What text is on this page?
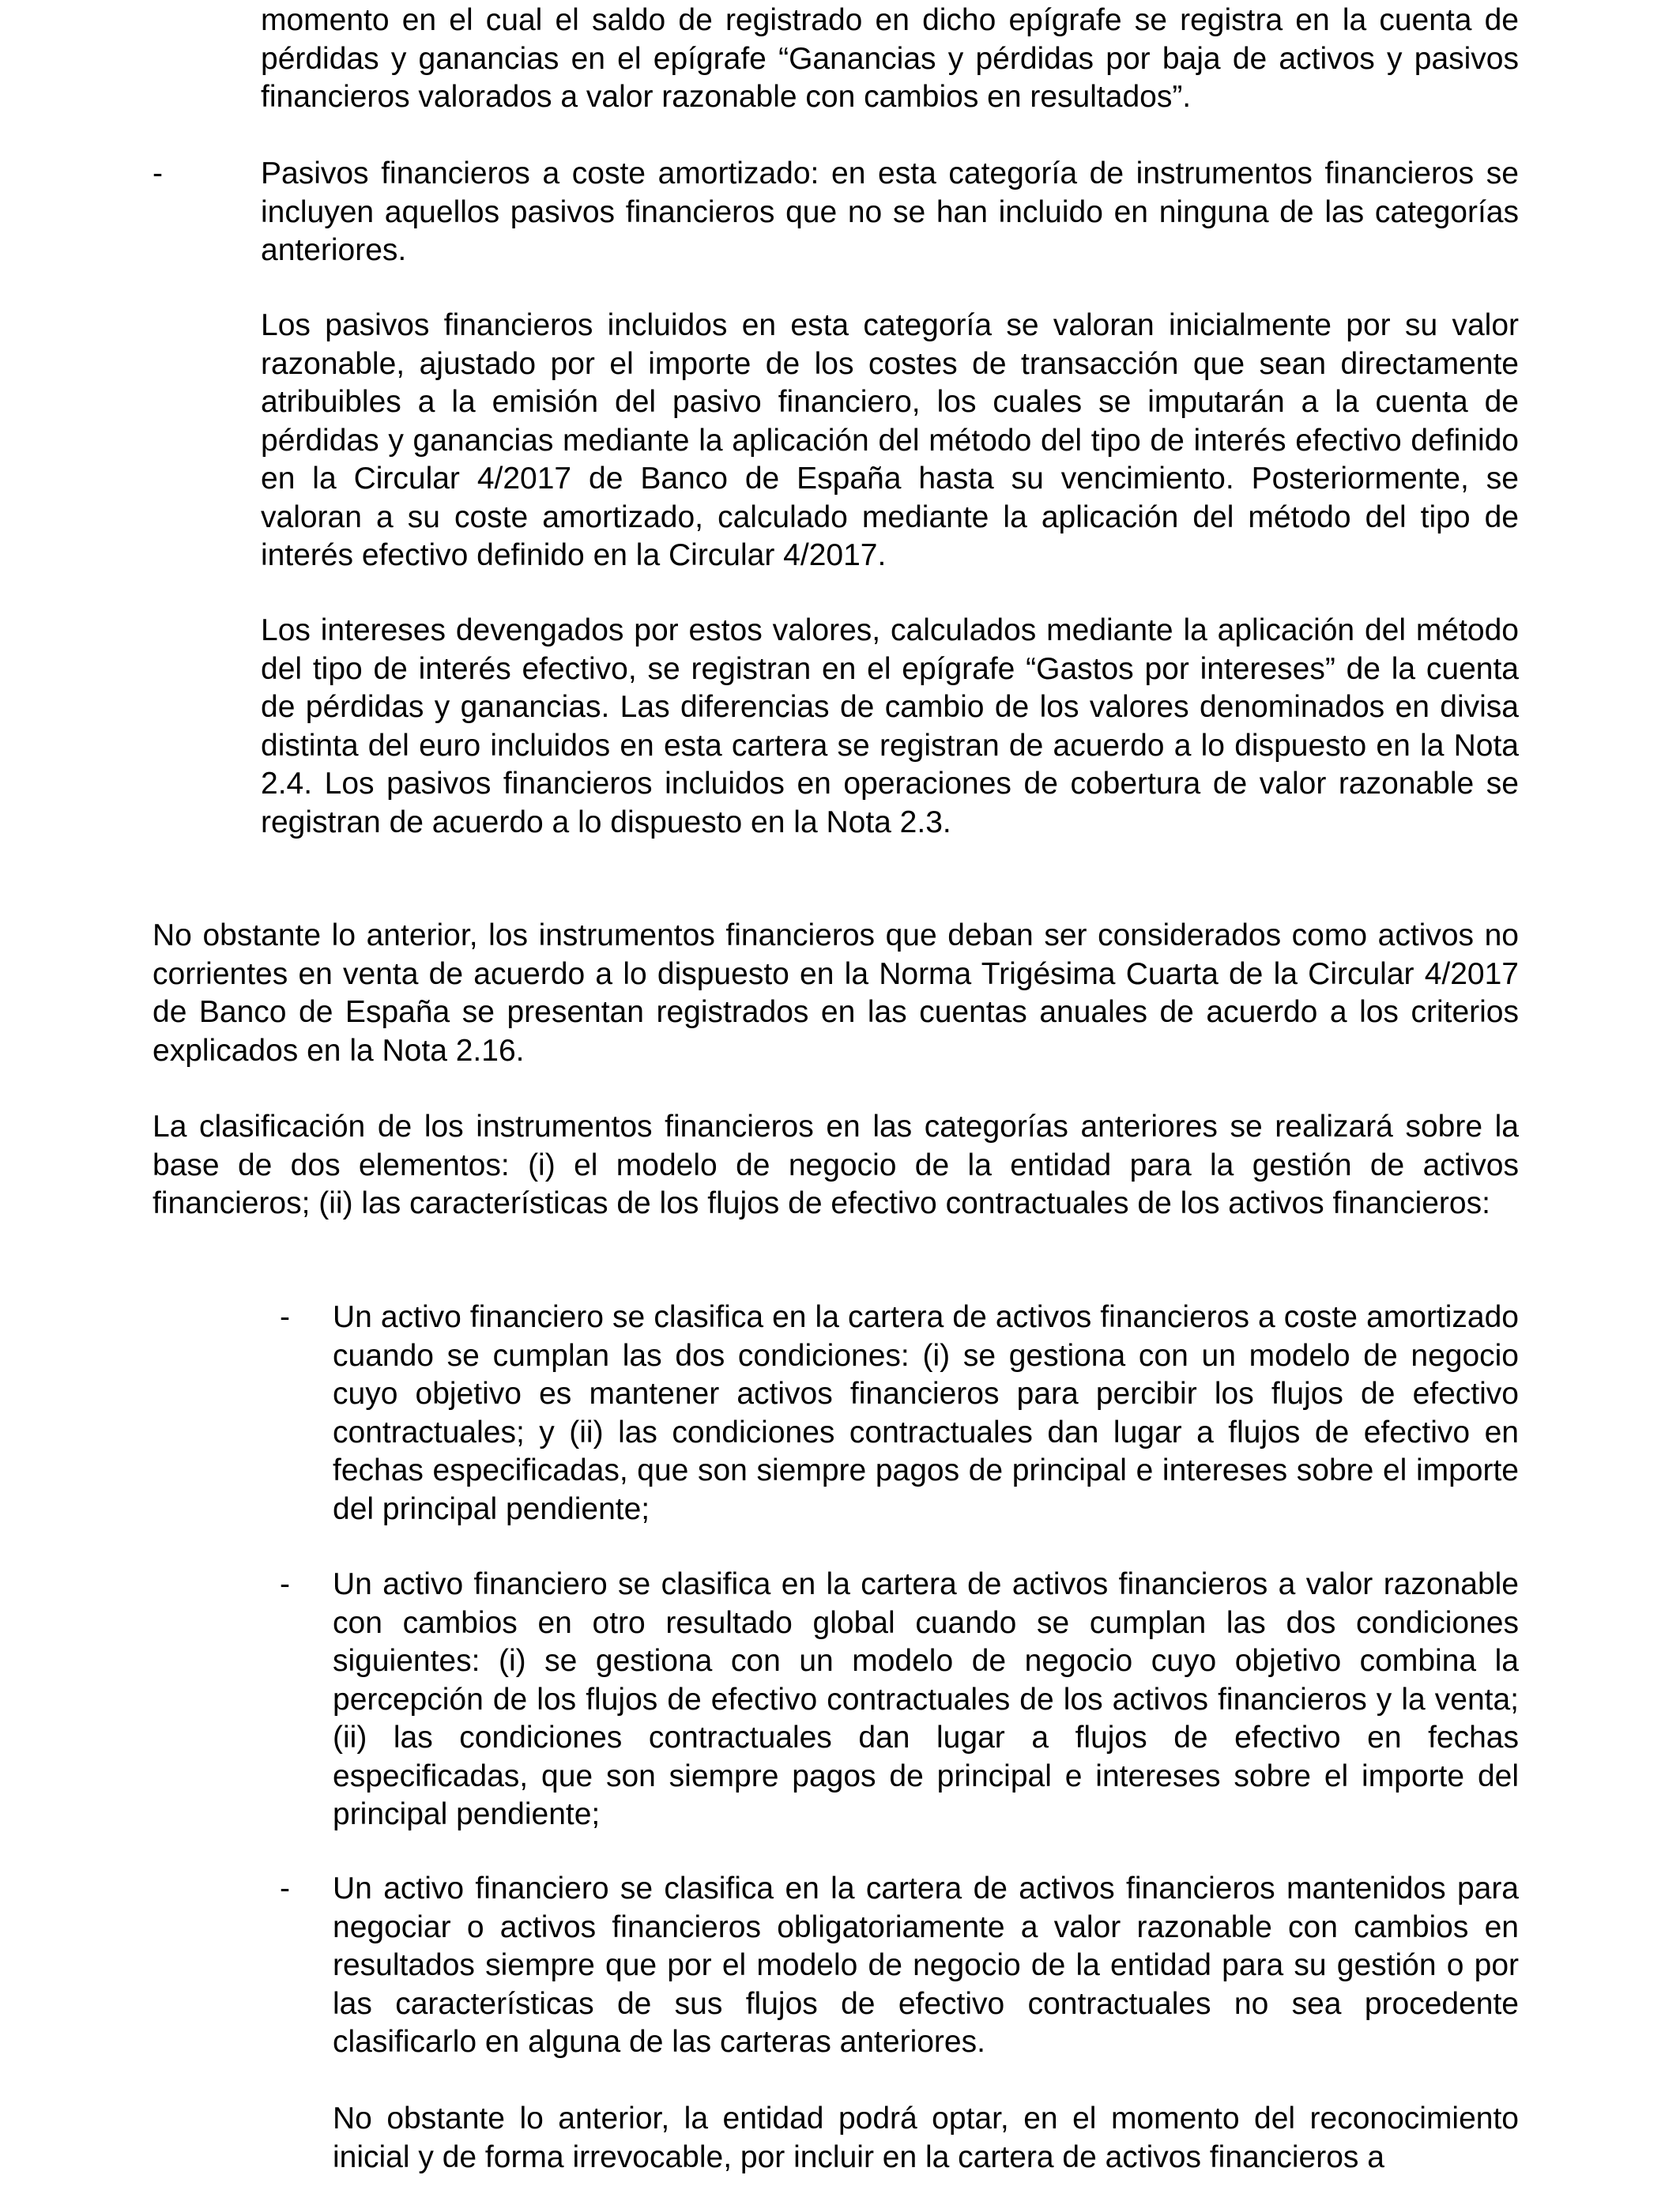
momento en el cual el saldo de registrado en dicho epígrafe se registra en la cuenta de pérdidas y ganancias en el epígrafe “Ganancias y pérdidas por baja de activos y pasivos financieros valorados a valor razonable con cambios en resultados”.

-	Pasivos financieros a coste amortizado: en esta categoría de instrumentos financieros se incluyen aquellos pasivos financieros que no se han incluido en ninguna de las categorías anteriores.

Los pasivos financieros incluidos en esta categoría se valoran inicialmente por su valor razonable, ajustado por el importe de los costes de transacción que sean directamente atribuibles a la emisión del pasivo financiero, los cuales se imputarán a la cuenta de pérdidas y ganancias mediante la aplicación del método del tipo de interés efectivo definido en la Circular 4/2017 de Banco de España hasta su vencimiento. Posteriormente, se valoran a su coste amortizado, calculado mediante la aplicación del método del tipo de interés efectivo definido en la Circular 4/2017.

Los intereses devengados por estos valores, calculados mediante la aplicación del método del tipo de interés efectivo, se registran en el epígrafe “Gastos por intereses” de la cuenta de pérdidas y ganancias. Las diferencias de cambio de los valores denominados en divisa distinta del euro incluidos en esta cartera se registran de acuerdo a lo dispuesto en la Nota 2.4. Los pasivos financieros incluidos en operaciones de cobertura de valor razonable se registran de acuerdo a lo dispuesto en la Nota 2.3.

No obstante lo anterior, los instrumentos financieros que deban ser considerados como activos no corrientes en venta de acuerdo a lo dispuesto en la Norma Trigésima Cuarta de la Circular 4/2017 de Banco de España se presentan registrados en las cuentas anuales de acuerdo a los criterios explicados en la Nota 2.16.

La clasificación de los instrumentos financieros en las categorías anteriores se realizará sobre la base de dos elementos: (i) el modelo de negocio de la entidad para la gestión de activos financieros; (ii) las características de los flujos de efectivo contractuales de los activos financieros:

- Un activo financiero se clasifica en la cartera de activos financieros a coste amortizado cuando se cumplan las dos condiciones: (i) se gestiona con un modelo de negocio cuyo objetivo es mantener activos financieros para percibir los flujos de efectivo contractuales; y (ii) las condiciones contractuales dan lugar a flujos de efectivo en fechas especificadas, que son siempre pagos de principal e intereses sobre el importe del principal pendiente;

- Un activo financiero se clasifica en la cartera de activos financieros a valor razonable con cambios en otro resultado global cuando se cumplan las dos condiciones siguientes: (i) se gestiona con un modelo de negocio cuyo objetivo combina la percepción de los flujos de efectivo contractuales de los activos financieros y la venta; (ii) las condiciones contractuales dan lugar a flujos de efectivo en fechas especificadas, que son siempre pagos de principal e intereses sobre el importe del principal pendiente;

- Un activo financiero se clasifica en la cartera de activos financieros mantenidos para negociar o activos financieros obligatoriamente a valor razonable con cambios en resultados siempre que por el modelo de negocio de la entidad para su gestión o por las características de sus flujos de efectivo contractuales no sea procedente clasificarlo en alguna de las carteras anteriores.

No obstante lo anterior, la entidad podrá optar, en el momento del reconocimiento inicial y de forma irrevocable, por incluir en la cartera de activos financieros a
